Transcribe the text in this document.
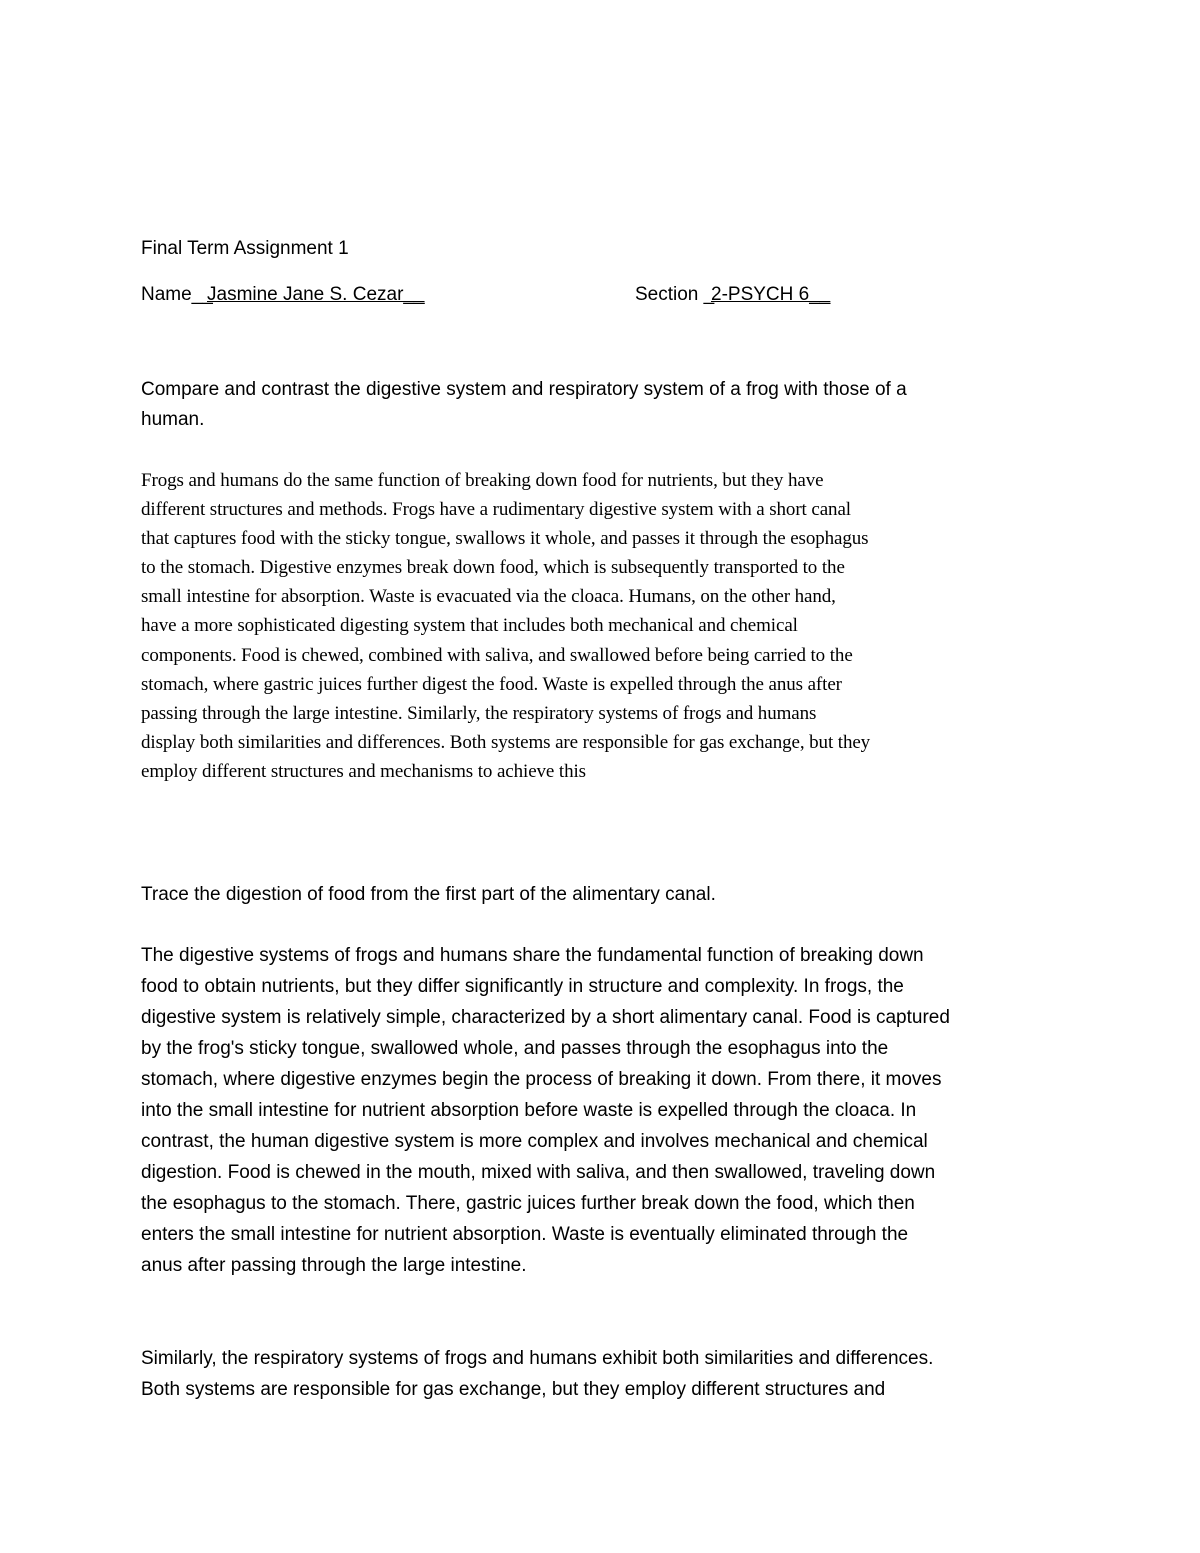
Final Term Assignment 1

Name__
Jasmine Jane S. Cezar__	Section _
2-PSYCH 6__

Compare and contrast the digestive system and respiratory system of a frog with those of a

human.

Frogs and humans do the same function of breaking down food for nutrients, but they have

different structures and methods. Frogs have a rudimentary digestive system with a short canal

that captures food with the sticky tongue, swallows it whole, and passes it through the esophagus

to the stomach. Digestive enzymes break down food, which is subsequently transported to the

small intestine for absorption. Waste is evacuated via the cloaca. Humans, on the other hand,

have a more sophisticated digesting system that includes both mechanical and chemical

components. Food is chewed, combined with saliva, and swallowed before being carried to the

stomach, where gastric juices further digest the food. Waste is expelled through the anus after

passing through the large intestine. Similarly, the respiratory systems of frogs and humans

display both similarities and differences. Both systems are responsible for gas exchange, but they

employ different structures and mechanisms to achieve this

Trace the digestion of food from the first part of the alimentary canal.

The digestive systems of frogs and humans share the fundamental function of breaking down

food to obtain nutrients, but they differ significantly in structure and complexity. In frogs, the

digestive system is relatively simple, characterized by a short alimentary canal. Food is captured

by the frog's sticky tongue, swallowed whole, and passes through the esophagus into the

stomach, where digestive enzymes begin the process of breaking it down. From there, it moves

into the small intestine for nutrient absorption before waste is expelled through the cloaca. In

contrast, the human digestive system is more complex and involves mechanical and chemical

digestion. Food is chewed in the mouth, mixed with saliva, and then swallowed, traveling down

the esophagus to the stomach. There, gastric juices further break down the food, which then

enters the small intestine for nutrient absorption. Waste is eventually eliminated through the

anus after passing through the large intestine.

Similarly, the respiratory systems of frogs and humans exhibit both similarities and differences.

Both systems are responsible for gas exchange, but they employ different structures and
